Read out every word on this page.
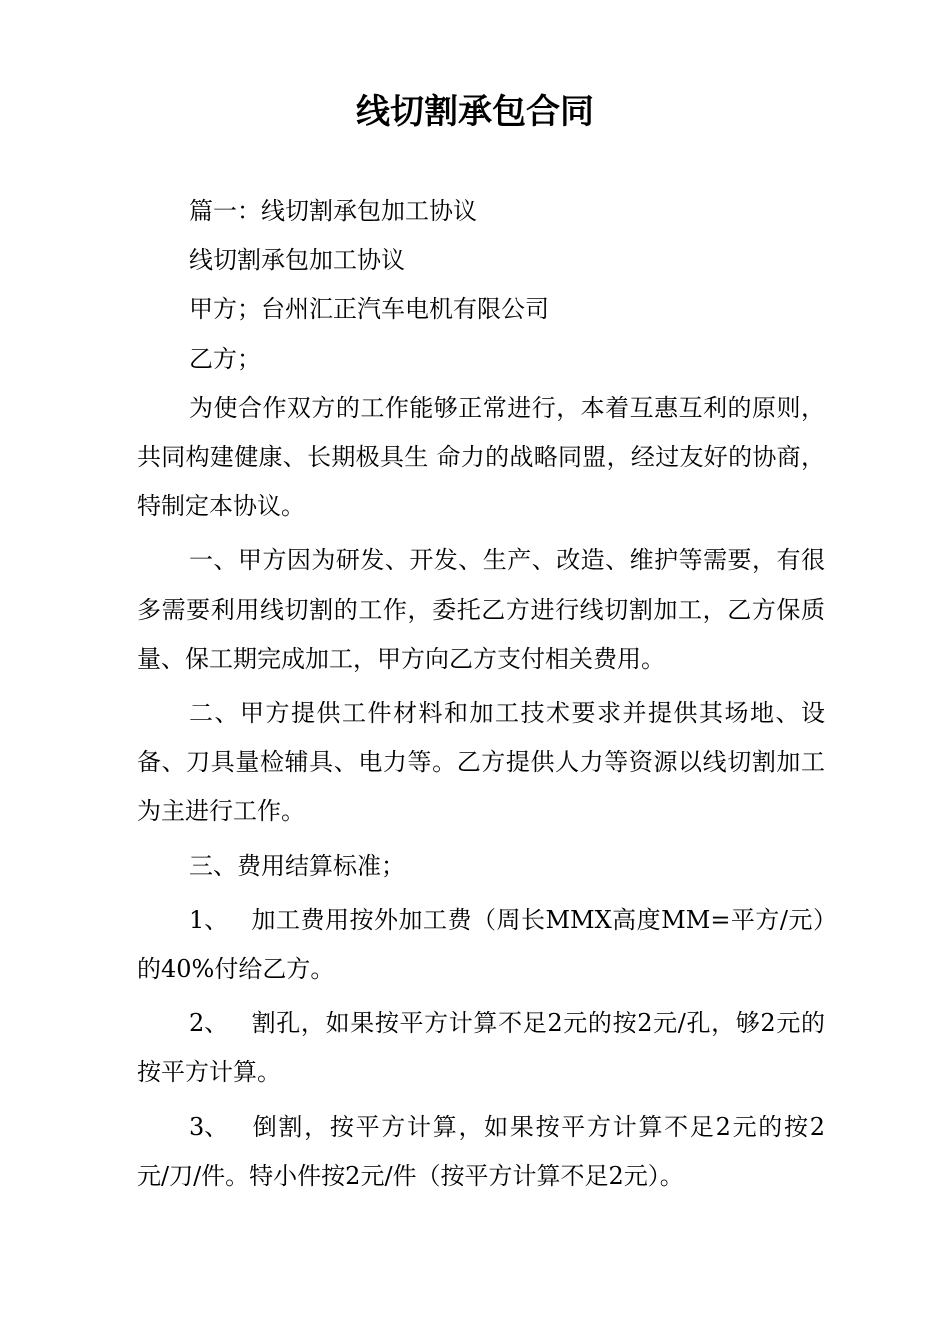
线切割承包合同

篇一：线切割承包加工协议

线切割承包加工协议

甲方；台州汇正汽车电机有限公司

乙方；

为使合作双方的工作能够正常进行，本着互惠互利的原则，共同构建健康、长期极具生 命力的战略同盟，经过友好的协商，特制定本协议。

一、甲方因为研发、开发、生产、改造、维护等需要，有很多需要利用线切割的工作，委托乙方进行线切割加工，乙方保质量、保工期完成加工，甲方向乙方支付相关费用。

二、甲方提供工件材料和加工技术要求并提供其场地、设备、刀具量检辅具、电力等。乙方提供人力等资源以线切割加工为主进行工作。

三、费用结算标准；

1、 加工费用按外加工费（周长MMX高度MM=平方/元）的40%付给乙方。

2、 割孔，如果按平方计算不足2元的按2元/孔，够2元的按平方计算。

3、 倒割，按平方计算，如果按平方计算不足2元的按2 元/刀/件。特小件按2元/件（按平方计算不足2元）。
